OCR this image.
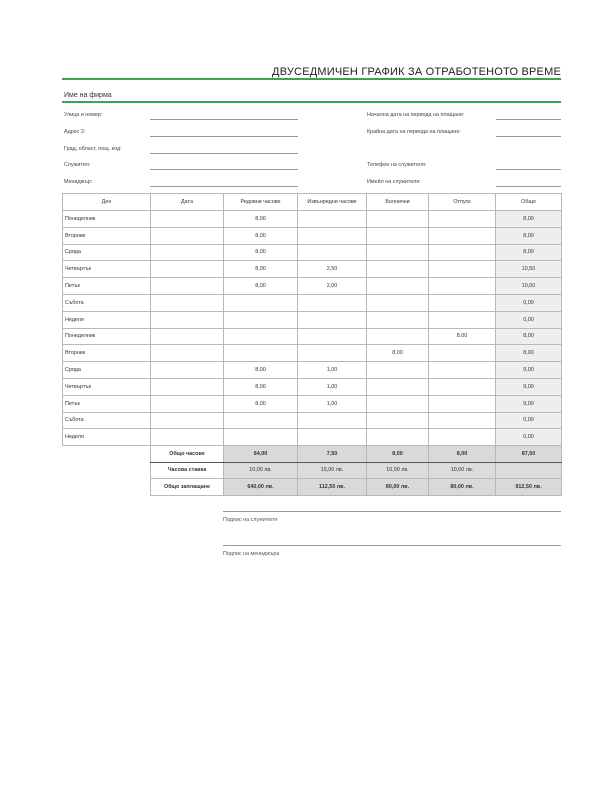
ДВУСЕДМИЧЕН ГРАФИК ЗА ОТРАБОТЕНОТО ВРЕМЕ
Име на фирма
Улица и номер:
Адрес 2:
Град, област, пощ. код:
Служител:
Мениджър:
Начална дата на периода на плащане:
Крайна дата на периода на плащане:
Телефон на служителя:
Имейл на служителя:
Ден	Дата	Редовни часове	Извънредни часове	Болнични	Отпуск	Общо
Понеделник		8,00				8,00
Вторник		8,00				8,00
Сряда		8,00				8,00
Четвъртък		8,00	2,50			10,50
Петък		8,00	2,00			10,00
Събота						0,00
Неделя						0,00
Понеделник					8,00	8,00
Вторник				8,00		8,00
Сряда		8,00	1,00			9,00
Четвъртък		8,00	1,00			9,00
Петък		8,00	1,00			9,00
Събота						0,00
Неделя						0,00
Общо часове	64,00	7,50	8,00	8,00	87,50
Часова ставка	10,00 лв.	15,00 лв.	10,00 лв.	10,00 лв.	
Общо заплащане	640,00 лв.	112,50 лв.	80,00 лв.	80,00 лв.	912,50 лв.
Подпис на служителя
Подпис на мениджъра
